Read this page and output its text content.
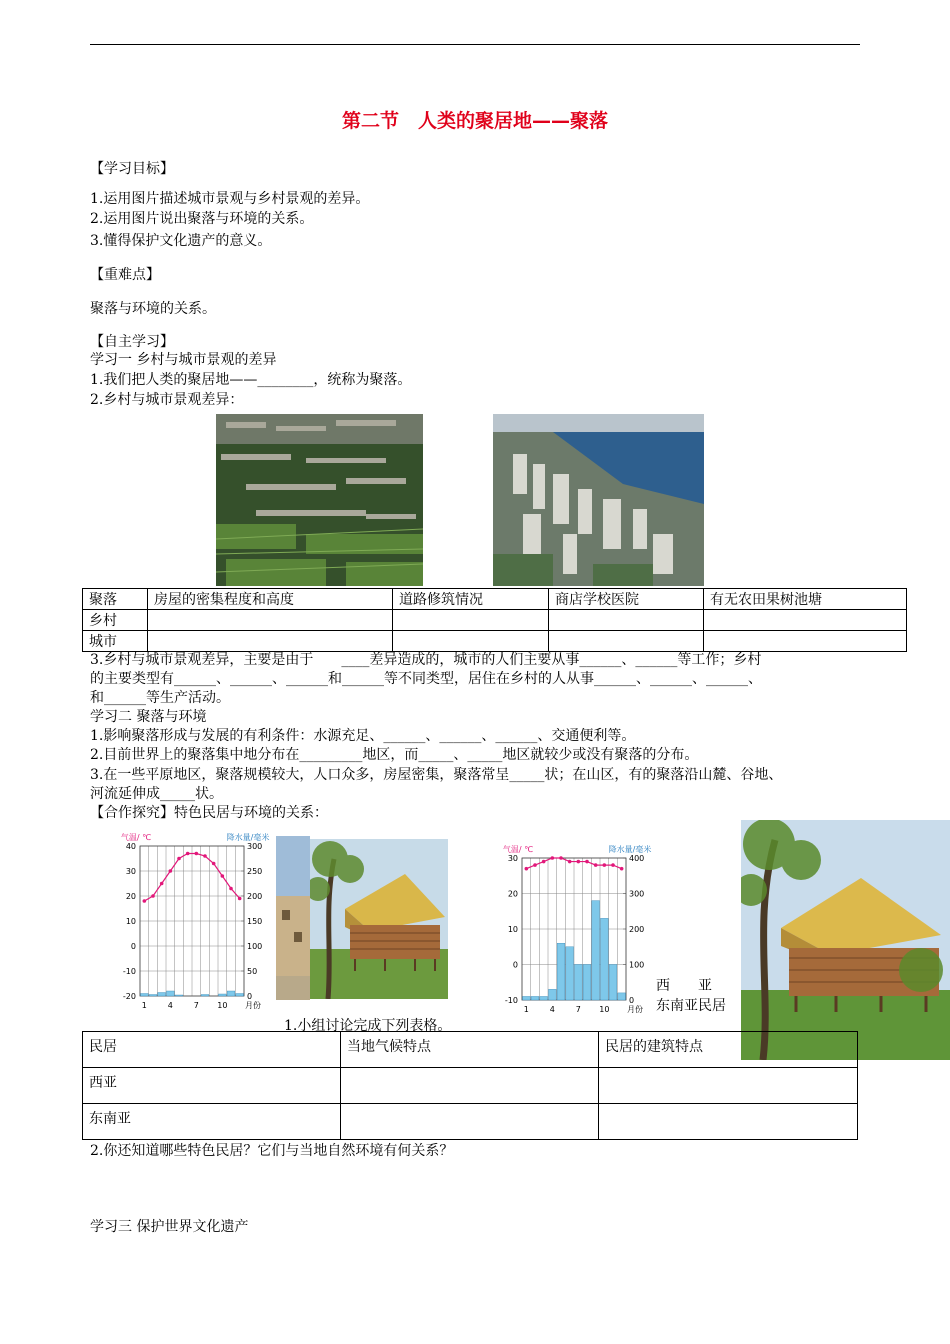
第二节　人类的聚居地——聚落
【学习目标】
1.运用图片描述城市景观与乡村景观的差异。
2.运用图片说出聚落与环境的关系。
3.懂得保护文化遗产的意义。
【重难点】
聚落与环境的关系。
【自主学习】
学习一 乡村与城市景观的差异
1.我们把人类的聚居地——________，统称为聚落。
2.乡村与城市景观差异：
聚落	房屋的密集程度和高度	道路修筑情况	商店学校医院	有无农田果树池塘
乡村				
城市				
3.乡村与城市景观差异，主要是由于　　____差异造成的，城市的人们主要从事______、______等工作；乡村
的主要类型有______、______、______和______等不同类型，居住在乡村的人从事______、______、______、
和______等生产活动。
学习二 聚落与环境
1.影响聚落形成与发展的有利条件：水源充足、______、______、______、交通便利等。
2.目前世界上的聚落集中地分布在_________地区，而_____、_____地区就较少或没有聚落的分布。
3.在一些平原地区，聚落规模较大，人口众多，房屋密集，聚落常呈_____状；在山区，有的聚落沿山麓、谷地、
河流延伸成_____状。
【合作探究】特色民居与环境的关系：
气温/ ℃	降水量/毫米
40
30
20
10
0
-10
-20
300
250
200
150
100
50
0
1	4	7 10 月份
气温/ ℃	降水量/毫米
30
20
10
0
-10
400
300
200
100
0
1	4	7 10 月份
西　　亚
东南亚民居
1.小组讨论完成下列表格。
民居	当地气候特点	民居的建筑特点
西亚		
东南亚		
2.你还知道哪些特色民居？它们与当地自然环境有何关系？
学习三 保护世界文化遗产
